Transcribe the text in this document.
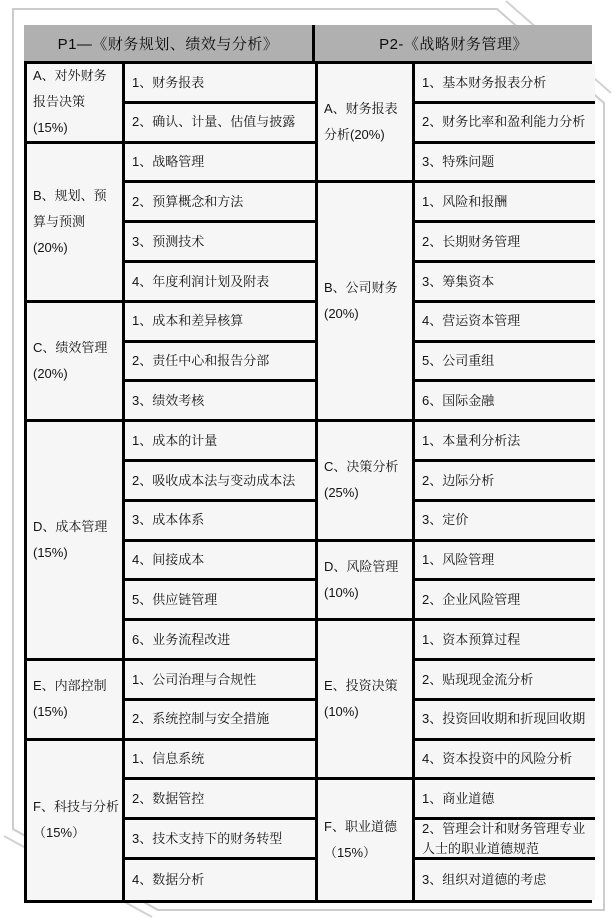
P1—《财务规划、绩效与分析》	P2-《战略财务管理》
A、对外财务报告决策(15%)
1、财务报表
2、确认、计量、估值与披露
B、规划、预算与预测(20%)
1、战略管理
2、预算概念和方法
3、预测技术
4、年度利润计划及附表
C、绩效管理(20%)
1、成本和差异核算
2、责任中心和报告分部
3、绩效考核
D、成本管理(15%)
1、成本的计量
2、吸收成本法与变动成本法
3、成本体系
4、间接成本
5、供应链管理
6、业务流程改进
E、内部控制(15%)
1、公司治理与合规性
2、系统控制与安全措施
F、科技与分析（15%）
1、信息系统
2、数据管控
3、技术支持下的财务转型
4、数据分析
A、财务报表分析(20%)
1、基本财务报表分析
2、财务比率和盈利能力分析
3、特殊问题
B、公司财务(20%)
1、风险和报酬
2、长期财务管理
3、筹集资本
4、营运资本管理
5、公司重组
6、国际金融
C、决策分析(25%)
1、本量利分析法
2、边际分析
3、定价
D、风险管理(10%)
1、风险管理
2、企业风险管理
E、投资决策(10%)
1、资本预算过程
2、贴现现金流分析
3、投资回收期和折现回收期
4、资本投资中的风险分析
F、职业道德（15%）
1、商业道德
2、管理会计和财务管理专业人士的职业道德规范
3、组织对道德的考虑
